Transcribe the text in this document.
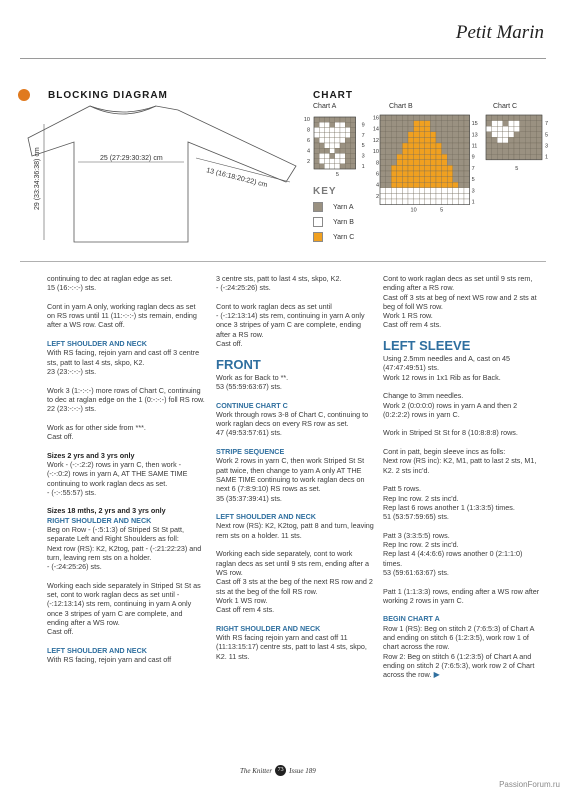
Petit Marin
BLOCKING DIAGRAM
25 (27:29:30:32) cm
13 (16:18:20:22) cm
29 (33:34:36:38) cm
CHART
Chart A
10
8
6
4
2
9
7
5
3
1
5
Chart B
16
14
12
10
8
6
4
2
15
13
11
9
7
5
3
1
10	5
Chart C
7
5
3
1
5
KEY
Yarn A
Yarn B
Yarn C

continuing to dec at raglan edge as set.
15 (16:-:-:-) sts.

Cont in yarn A only, working raglan decs as set on RS rows until 11 (11:-:-:-) sts remain, ending after a WS row. Cast off.

LEFT SHOULDER AND NECK

With RS facing, rejoin yarn and cast off 3 centre sts, patt to last 4 sts, skpo, K2.
23 (23:-:-:-) sts.

Work 3 (1:-:-:-) more rows of Chart C, continuing to dec at raglan edge on the 1 (0:-:-:-) foll RS row.
22 (23:-:-:-) sts.

Work as for other side from ***.
Cast off.

Sizes 2 yrs and 3 yrs only

Work - (-:-:2:2) rows in yarn C, then work - (-:-:0:2) rows in yarn A, AT THE SAME TIME continuing to work raglan decs as set.
- (-:-:55:57) sts.

Sizes 18 mths, 2 yrs and 3 yrs only
RIGHT SHOULDER AND NECK

Beg on Row - (-:5:1:3) of Striped St St patt, separate Left and Right Shoulders as foll:
Next row (RS): K2, K2tog, patt - (-:21:22:23) and turn, leaving rem sts on a holder.
- (-:24:25:26) sts.

Working each side separately in Striped St St as set, cont to work raglan decs as set until - (-:12:13:14) sts rem, continuing in yarn A only once 3 stripes of yarn C are complete, and ending after a WS row.
Cast off.

LEFT SHOULDER AND NECK

With RS facing, rejoin yarn and cast off

3 centre sts, patt to last 4 sts, skpo, K2.
- (-:24:25:26) sts.

Cont to work raglan decs as set until
- (-:12:13:14) sts rem, continuing in yarn A only once 3 stripes of yarn C are complete, ending after a RS row.
Cast off.

FRONT

Work as for Back to **.
53 (55:59:63:67) sts.

CONTINUE CHART C

Work through rows 3-8 of Chart C, continuing to work raglan decs on every RS row as set.
47 (49:53:57:61) sts.

STRIPE SEQUENCE

Work 2 rows in yarn C, then work Striped St St patt twice, then change to yarn A only AT THE SAME TIME continuing to work raglan decs on next 6 (7:8:9:10) RS rows as set.
35 (35:37:39:41) sts.

LEFT SHOULDER AND NECK

Next row (RS): K2, K2tog, patt 8 and turn, leaving rem sts on a holder. 11 sts.

Working each side separately, cont to work raglan decs as set until 9 sts rem, ending after a WS row.
Cast off 3 sts at the beg of the next RS row and 2 sts at the beg of the foll RS row.
Work 1 WS row.
Cast off rem 4 sts.

RIGHT SHOULDER AND NECK

With RS facing rejoin yarn and cast off 11 (11:13:15:17) centre sts, patt to last 4 sts, skpo, K2. 11 sts.

Cont to work raglan decs as set until 9 sts rem, ending after a RS row.
Cast off 3 sts at beg of next WS row and 2 sts at beg of foll WS row.
Work 1 RS row.
Cast off rem 4 sts.

LEFT SLEEVE

Using 2.5mm needles and A, cast on 45 (47:47:49:51) sts.
Work 12 rows in 1x1 Rib as for Back.

Change to 3mm needles.
Work 2 (0:0:0:0) rows in yarn A and then 2 (0:2:2:2) rows in yarn C.

Work in Striped St St for 8 (10:8:8:8) rows.

Cont in patt, begin sleeve incs as folls:
Next row (RS inc): K2, M1, patt to last 2 sts, M1, K2. 2 sts inc'd.

Patt 5 rows.
Rep Inc row. 2 sts inc'd.
Rep last 6 rows another 1 (1:3:3:5) times.
51 (53:57:59:65) sts.

Patt 3 (3:3:5:5) rows.
Rep Inc row. 2 sts inc'd.
Rep last 4 (4:4:6:6) rows another 0 (2:1:1:0) times.
53 (59:61:63:67) sts.

Patt 1 (1:1:3:3) rows, ending after a WS row after working 2 rows in yarn C.

BEGIN CHART A

Row 1 (RS): Beg on stitch 2 (7:6:5:3) of Chart A and ending on stitch 6 (1:2:3:5), work row 1 of chart across the row.
Row 2: Beg on stitch 6 (1:2:3:5) of Chart A and ending on stitch 2 (7:6:5:3), work row 2 of Chart across the row. ▶

The Knitter 73 Issue 189
PassionForum.ru
